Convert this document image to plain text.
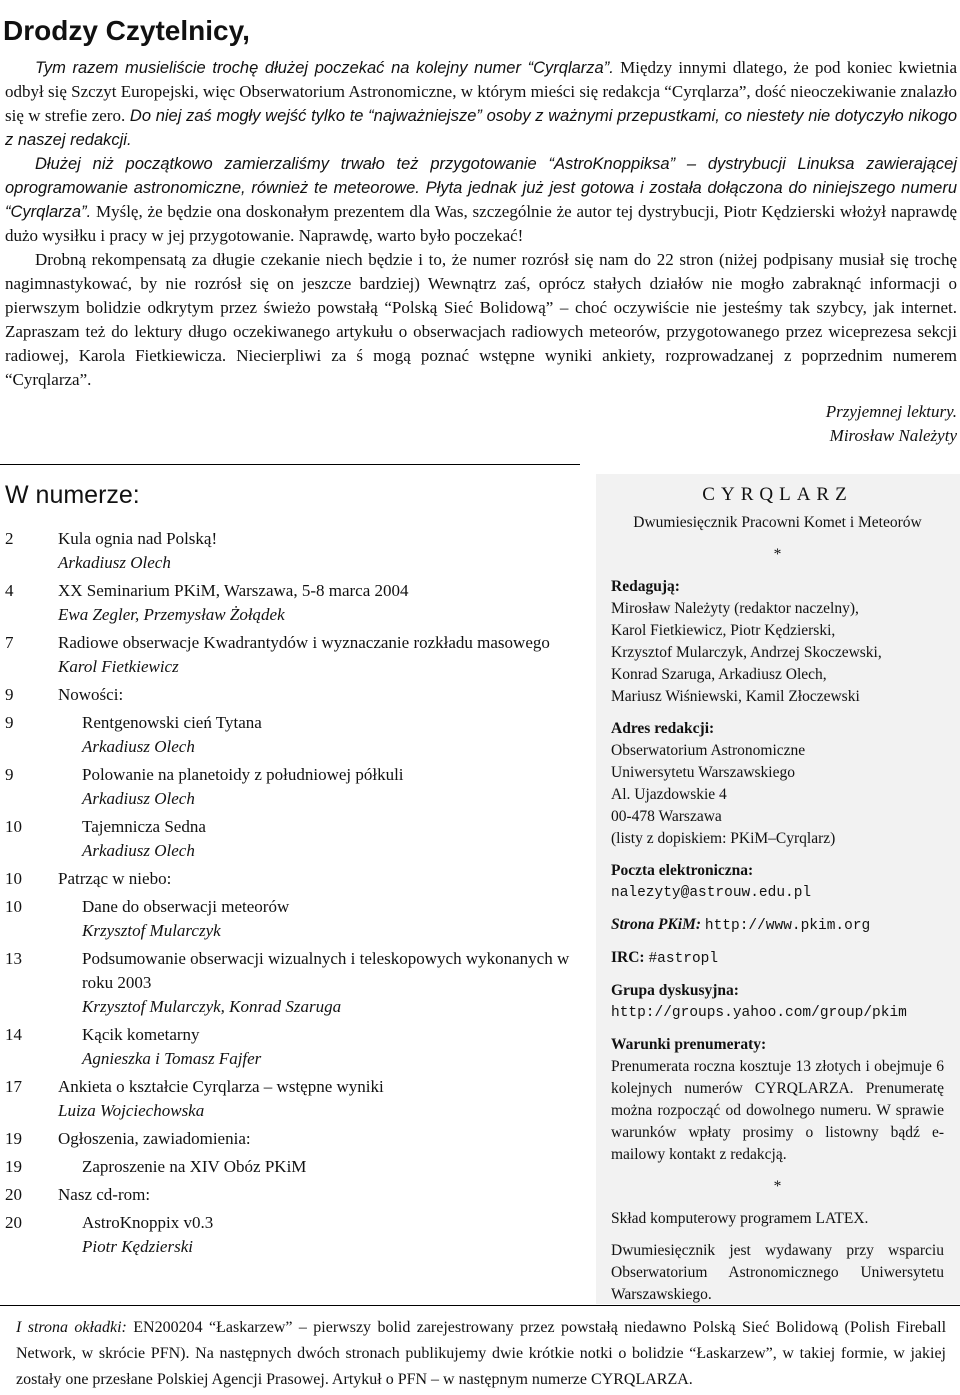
Drodzy Czytelnicy,

Tym razem musieliście trochę dłużej poczekać na kolejny numer “Cyrqlarza”. Między innymi dlatego, że pod koniec kwietnia odbył się Szczyt Europejski, więc Obserwatorium Astronomiczne, w którym mieści się redakcja “Cyrqlarza”, dość nieoczekiwanie znalazło się w strefie zero. Do niej zaś mogły wejść tylko te “najważniejsze” osoby z ważnymi przepustkami, co niestety nie dotyczyło nikogo z naszej redakcji.

Dłużej niż początkowo zamierzaliśmy trwało też przygotowanie “AstroKnoppiksa” – dystrybucji Linuksa zawierającej oprogramowanie astronomiczne, również te meteorowe. Płyta jednak już jest gotowa i została dołączona do niniejszego numeru “Cyrqlarza”. Myślę, że będzie ona doskonałym prezentem dla Was, szczególnie że autor tej dystrybucji, Piotr Kędzierski włożył naprawdę dużo wysiłku i pracy w jej przygotowanie. Naprawdę, warto było poczekać!

Drobną rekompensatą za długie czekanie niech będzie i to, że numer rozrósł się nam do 22 stron (niżej podpisany musiał się trochę nagimnastykować, by nie rozrósł się on jeszcze bardziej) Wewnątrz zaś, oprócz stałych działów nie mogło zabraknąć informacji o pierwszym bolidzie odkrytym przez świeżo powstałą “Polską Sieć Bolidową” – choć oczywiście nie jesteśmy tak szybcy, jak internet. Zapraszam też do lektury długo oczekiwanego artykułu o obserwacjach radiowych meteorów, przygotowanego przez wiceprezesa sekcji radiowej, Karola Fietkiewicza. Niecierpliwi za ś mogą poznać wstępne wyniki ankiety, rozprowadzanej z poprzednim numerem “Cyrqlarza”.

Przyjemnej lektury.
Mirosław Należyty
W numerze:
2	Kula ognia nad Polską!
Arkadiusz Olech
4	XX Seminarium PKiM, Warszawa, 5-8 marca 2004
Ewa Zegler, Przemysław Żołądek
7	Radiowe obserwacje Kwadrantydów i wyznaczanie rozkładu masowego
Karol Fietkiewicz
9	Nowości:
9	Rentgenowski cień Tytana
Arkadiusz Olech
9	Polowanie na planetoidy z południowej półkuli
Arkadiusz Olech
10	Tajemnicza Sedna
Arkadiusz Olech
10	Patrząc w niebo:
10	Dane do obserwacji meteorów
Krzysztof Mularczyk
13	Podsumowanie obserwacji wizualnych i teleskopowych wykonanych w roku 2003
Krzysztof Mularczyk, Konrad Szaruga
14	Kącik kometarny
Agnieszka i Tomasz Fajfer
17	Ankieta o kształcie Cyrqlarza – wstępne wyniki
Luiza Wojciechowska
19	Ogłoszenia, zawiadomienia:
19	Zaproszenie na XIV Obóz PKiM
20	Nasz cd-rom:
20	AstroKnoppix v0.3
Piotr Kędzierski
CYRQLARZ
Dwumiesięcznik Pracowni Komet i Meteorów
*
Redagują:
Mirosław Należyty (redaktor naczelny),
Karol Fietkiewicz, Piotr Kędzierski,
Krzysztof Mularczyk, Andrzej Skoczewski,
Konrad Szaruga, Arkadiusz Olech,
Mariusz Wiśniewski, Kamil Złoczewski
Adres redakcji:
Obserwatorium Astronomiczne
Uniwersytetu Warszawskiego
Al. Ujazdowskie 4
00-478 Warszawa
(listy z dopiskiem: PKiM–Cyrqlarz)
Poczta elektroniczna:
nalezyty@astrouw.edu.pl
Strona PKiM: http://www.pkim.org
IRC: #astropl
Grupa dyskusyjna:
http://groups.yahoo.com/group/pkim
Warunki prenumeraty:
Prenumerata roczna kosztuje 13 złotych i obejmuje 6 kolejnych numerów CYRQLARZA. Prenumeratę można rozpocząć od dowolnego numeru. W sprawie warunków wpłaty prosimy o listowny bądź e-mailowy kontakt z redakcją.
*
Skład komputerowy programem LATEX.
Dwumiesięcznik jest wydawany przy wsparciu Obserwatorium Astronomicznego Uniwersytetu Warszawskiego.
I strona okładki: EN200204 “Łaskarzew” – pierwszy bolid zarejestrowany przez powstałą niedawno Polską Sieć Bolidową (Polish Fireball Network, w skrócie PFN). Na następnych dwóch stronach publikujemy dwie krótkie notki o bolidzie “Łaskarzew”, w takiej formie, w jakiej zostały one przesłane Polskiej Agencji Prasowej. Artykuł o PFN – w następnym numerze CYRQLARZA.
